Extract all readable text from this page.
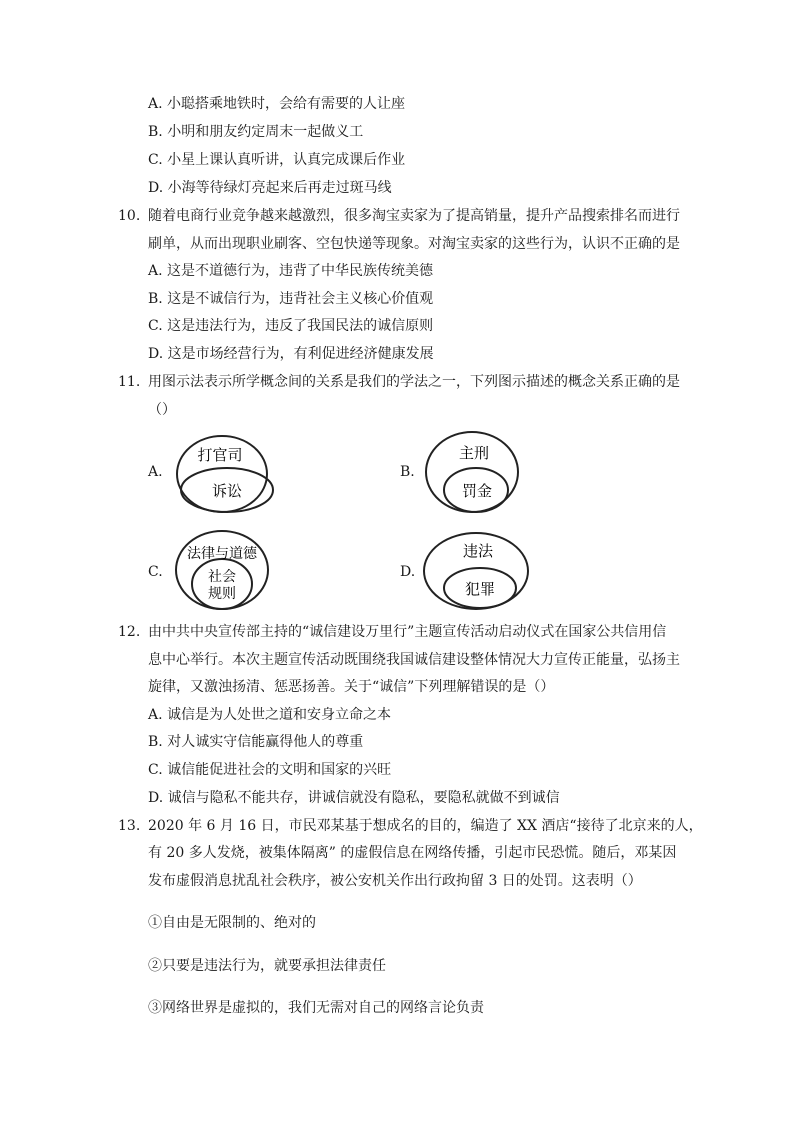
A. 小聪搭乘地铁时，会给有需要的人让座
B. 小明和朋友约定周末一起做义工
C. 小星上课认真听讲，认真完成课后作业
D. 小海等待绿灯亮起来后再走过斑马线
10. 随着电商行业竞争越来越激烈，很多淘宝卖家为了提高销量，提升产品搜索排名而进行
刷单，从而出现职业刷客、空包快递等现象。对淘宝卖家的这些行为，认识不正确的是
A. 这是不道德行为，违背了中华民族传统美德
B. 这是不诚信行为，违背社会主义核心价值观
C. 这是违法行为，违反了我国民法的诚信原则
D. 这是市场经营行为，有利促进经济健康发展
11. 用图示法表示所学概念间的关系是我们的学法之一，下列图示描述的概念关系正确的是
（）
A.
打官司
诉讼
B.
主刑
罚金
C.
法律与道德
社会
规则
D.
违法
犯罪
12. 由中共中央宣传部主持的“诚信建设万里行”主题宣传活动启动仪式在国家公共信用信
息中心举行。本次主题宣传活动既围绕我国诚信建设整体情况大力宣传正能量，弘扬主
旋律，又激浊扬清、惩恶扬善。关于“诚信”下列理解错误的是（）
A. 诚信是为人处世之道和安身立命之本
B. 对人诚实守信能赢得他人的尊重
C. 诚信能促进社会的文明和国家的兴旺
D. 诚信与隐私不能共存，讲诚信就没有隐私，要隐私就做不到诚信
13. 2020 年 6 月 16 日，市民邓某基于想成名的目的，编造了 XX 酒店“接待了北京来的人，
有 20 多人发烧，被集体隔离” 的虚假信息在网络传播，引起市民恐慌。随后，邓某因
发布虚假消息扰乱社会秩序，被公安机关作出行政拘留 3 日的处罚。这表明（）
①自由是无限制的、绝对的
②只要是违法行为，就要承担法律责任
③网络世界是虚拟的，我们无需对自己的网络言论负责
